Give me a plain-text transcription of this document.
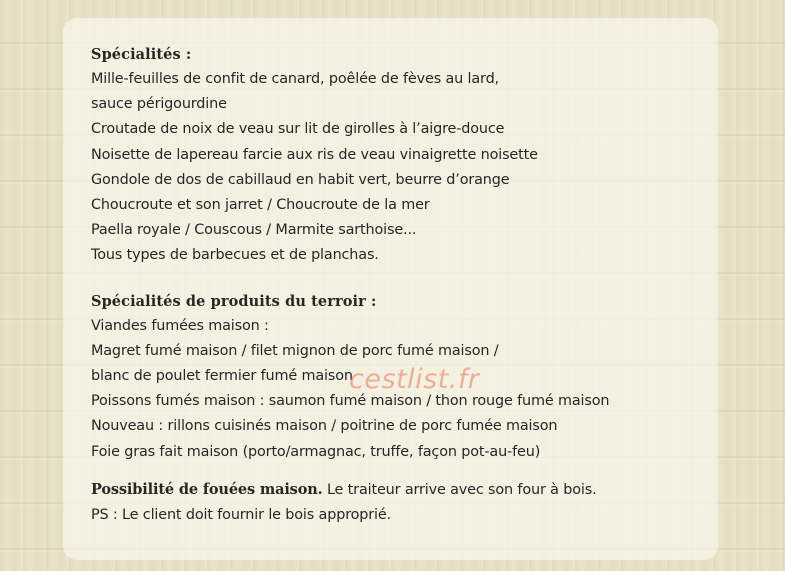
Spécialités :
Mille-feuilles de confit de canard, poêlée de fèves au lard,
sauce périgourdine
Croutade de noix de veau sur lit de girolles à l’aigre-douce
Noisette de lapereau farcie aux ris de veau vinaigrette noisette
Gondole de dos de cabillaud en habit vert, beurre d’orange
Choucroute et son jarret / Choucroute de la mer
Paella royale / Couscous / Marmite sarthoise...
Tous types de barbecues et de planchas.
Spécialités de produits du terroir :
Viandes fumées maison :
Magret fumé maison / filet mignon de porc fumé maison /
blanc de poulet fermier fumé maison
Poissons fumés maison : saumon fumé maison / thon rouge fumé maison
Nouveau : rillons cuisinés maison / poitrine de porc fumée maison
Foie gras fait maison (porto/armagnac, truffe, façon pot-au-feu)
Possibilité de fouées maison. Le traiteur arrive avec son four à bois.
PS : Le client doit fournir le bois approprié.
cestlist.fr
